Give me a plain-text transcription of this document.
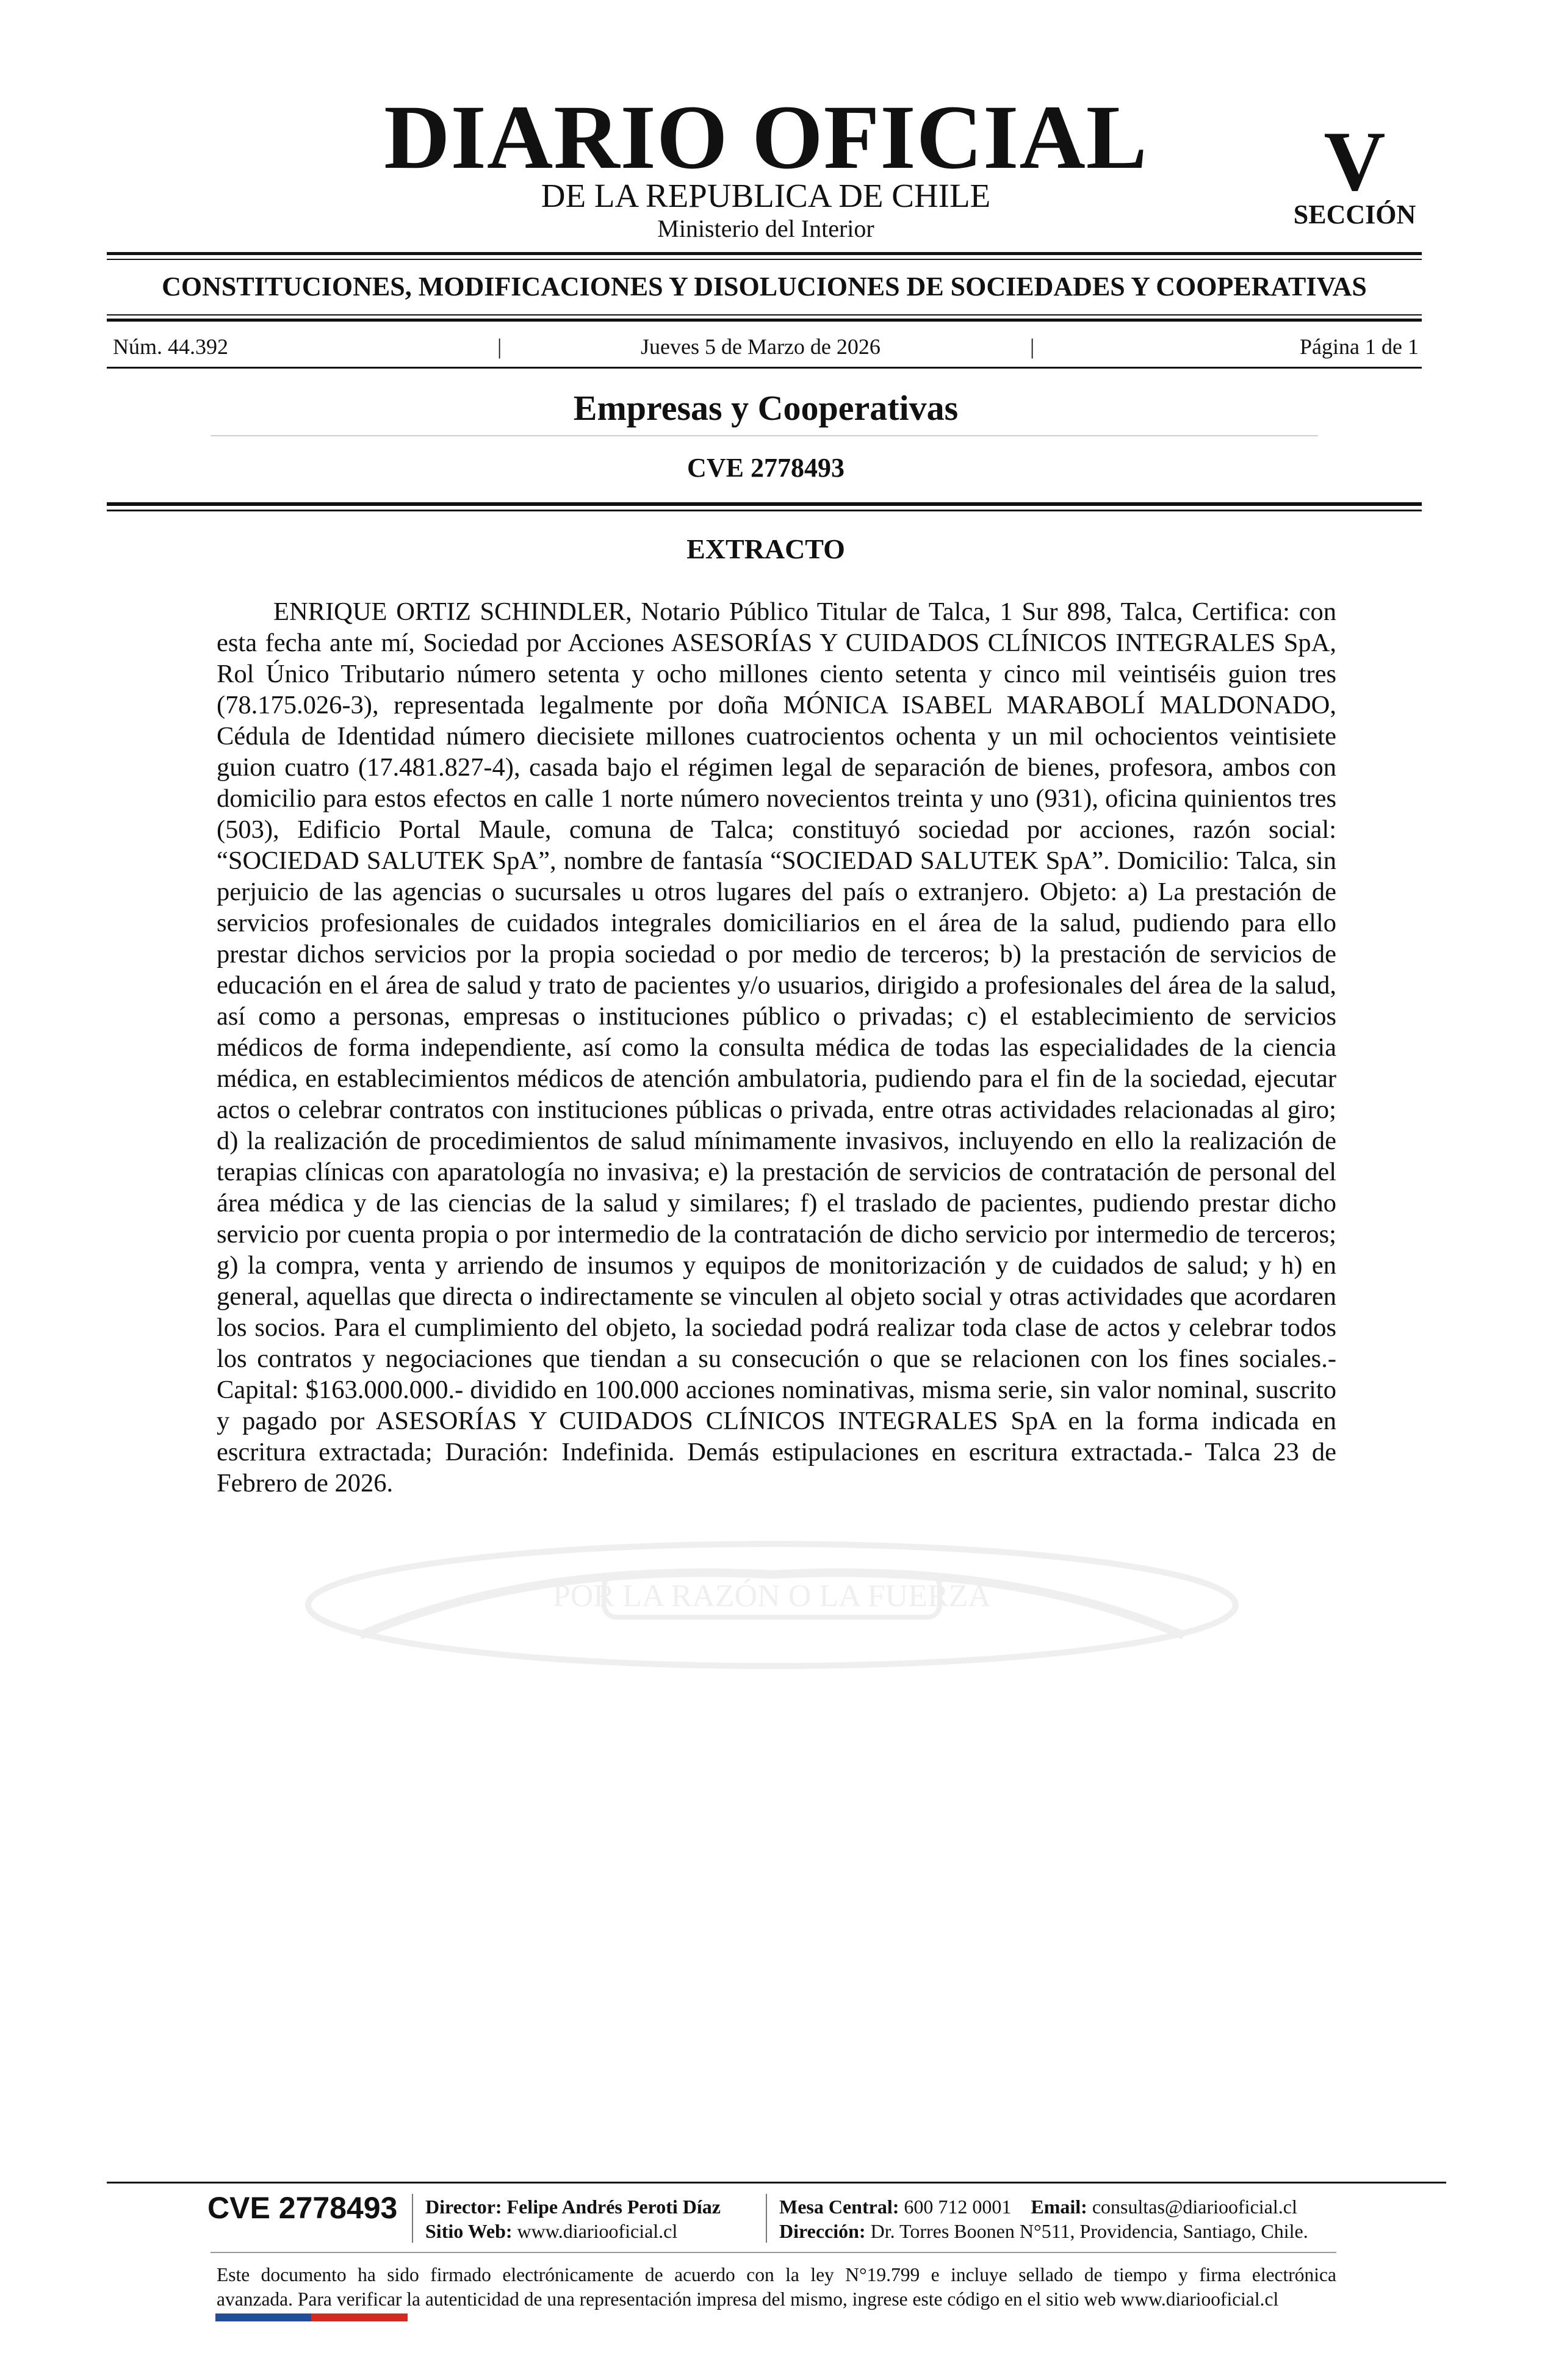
DIARIO OFICIAL
DE LA REPUBLICA DE CHILE
Ministerio del Interior
V
SECCIÓN
CONSTITUCIONES, MODIFICACIONES Y DISOLUCIONES DE SOCIEDADES Y COOPERATIVAS
Núm. 44.392	|	Jueves 5 de Marzo de 2026	|	Página 1 de 1
Empresas y Cooperativas
CVE 2778493
EXTRACTO
POR LA RAZÓN O LA FUERZA
ENRIQUE ORTIZ SCHINDLER, Notario Público Titular de Talca, 1 Sur 898, Talca, Certifica: con esta fecha ante mí, Sociedad por Acciones ASESORÍAS Y CUIDADOS CLÍNICOS INTEGRALES SpA, Rol Único Tributario número setenta y ocho millones ciento setenta y cinco mil veintiséis guion tres (78.175.026-3), representada legalmente por doña MÓNICA ISABEL MARABOLÍ MALDONADO, Cédula de Identidad número diecisiete millones cuatrocientos ochenta y un mil ochocientos veintisiete guion cuatro (17.481.827-4), casada bajo el régimen legal de separación de bienes, profesora, ambos con domicilio para estos efectos en calle 1 norte número novecientos treinta y uno (931), oficina quinientos tres (503), Edificio Portal Maule, comuna de Talca; constituyó sociedad por acciones, razón social: “SOCIEDAD SALUTEK SpA”, nombre de fantasía “SOCIEDAD SALUTEK SpA”. Domicilio: Talca, sin perjuicio de las agencias o sucursales u otros lugares del país o extranjero. Objeto: a) La prestación de servicios profesionales de cuidados integrales domiciliarios en el área de la salud, pudiendo para ello prestar dichos servicios por la propia sociedad o por medio de terceros; b) la prestación de servicios de educación en el área de salud y trato de pacientes y/o usuarios, dirigido a profesionales del área de la salud, así como a personas, empresas o instituciones público o privadas; c) el establecimiento de servicios médicos de forma independiente, así como la consulta médica de todas las especialidades de la ciencia médica, en establecimientos médicos de atención ambulatoria, pudiendo para el fin de la sociedad, ejecutar actos o celebrar contratos con instituciones públicas o privada, entre otras actividades relacionadas al giro; d) la realización de procedimientos de salud mínimamente invasivos, incluyendo en ello la realización de terapias clínicas con aparatología no invasiva; e) la prestación de servicios de contratación de personal del área médica y de las ciencias de la salud y similares; f) el traslado de pacientes, pudiendo prestar dicho servicio por cuenta propia o por intermedio de la contratación de dicho servicio por intermedio de terceros; g) la compra, venta y arriendo de insumos y equipos de monitorización y de cuidados de salud; y h) en general, aquellas que directa o indirectamente se vinculen al objeto social y otras actividades que acordaren los socios. Para el cumplimiento del objeto, la sociedad podrá realizar toda clase de actos y celebrar todos los contratos y negociaciones que tiendan a su consecución o que se relacionen con los fines sociales.- Capital: $163.000.000.- dividido en 100.000 acciones nominativas, misma serie, sin valor nominal, suscrito y pagado por ASESORÍAS Y CUIDADOS CLÍNICOS INTEGRALES SpA en la forma indicada en escritura extractada; Duración: Indefinida. Demás estipulaciones en escritura extractada.- Talca 23 de Febrero de 2026.
CVE 2778493 Director: Felipe Andrés Peroti Díaz
Sitio Web: www.diariooficial.cl
Mesa Central: 600 712 0001 Email: consultas@diariooficial.cl
Dirección: Dr. Torres Boonen N°511, Providencia, Santiago, Chile.
Este documento ha sido firmado electrónicamente de acuerdo con la ley N°19.799 e incluye sellado de tiempo y firma electrónica
avanzada. Para verificar la autenticidad de una representación impresa del mismo, ingrese este código en el sitio web www.diariooficial.cl
